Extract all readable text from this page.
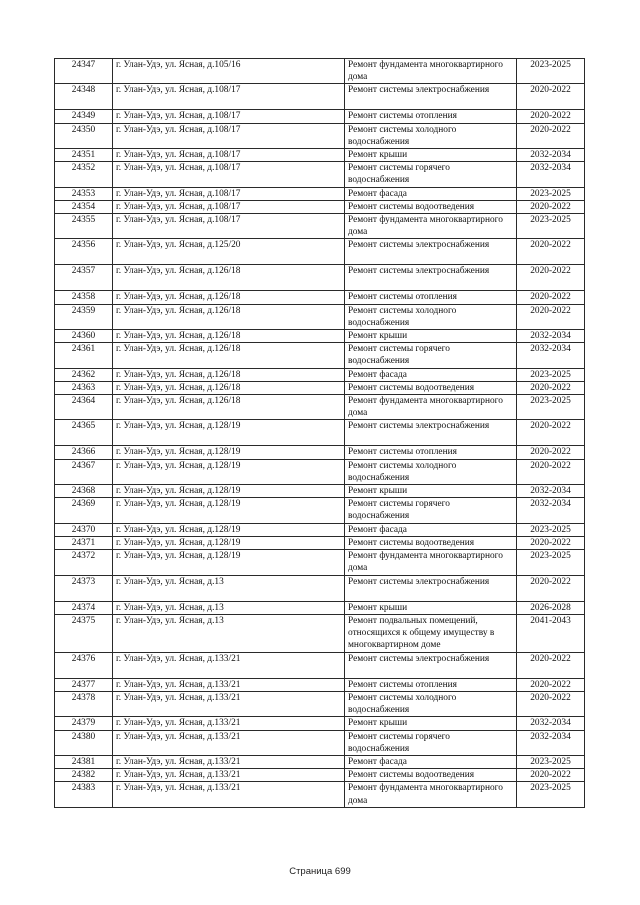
24347	г. Улан-Удэ, ул. Ясная, д.105/16	Ремонт фундамента многоквартирного дома	2023-2025
24348	г. Улан-Удэ, ул. Ясная, д.108/17	Ремонт системы электроснабжения	2020-2022
24349	г. Улан-Удэ, ул. Ясная, д.108/17	Ремонт системы отопления	2020-2022
24350	г. Улан-Удэ, ул. Ясная, д.108/17	Ремонт системы холодного водоснабжения	2020-2022
24351	г. Улан-Удэ, ул. Ясная, д.108/17	Ремонт крыши	2032-2034
24352	г. Улан-Удэ, ул. Ясная, д.108/17	Ремонт системы горячего водоснабжения	2032-2034
24353	г. Улан-Удэ, ул. Ясная, д.108/17	Ремонт фасада	2023-2025
24354	г. Улан-Удэ, ул. Ясная, д.108/17	Ремонт системы водоотведения	2020-2022
24355	г. Улан-Удэ, ул. Ясная, д.108/17	Ремонт фундамента многоквартирного дома	2023-2025
24356	г. Улан-Удэ, ул. Ясная, д.125/20	Ремонт системы электроснабжения	2020-2022
24357	г. Улан-Удэ, ул. Ясная, д.126/18	Ремонт системы электроснабжения	2020-2022
24358	г. Улан-Удэ, ул. Ясная, д.126/18	Ремонт системы отопления	2020-2022
24359	г. Улан-Удэ, ул. Ясная, д.126/18	Ремонт системы холодного водоснабжения	2020-2022
24360	г. Улан-Удэ, ул. Ясная, д.126/18	Ремонт крыши	2032-2034
24361	г. Улан-Удэ, ул. Ясная, д.126/18	Ремонт системы горячего водоснабжения	2032-2034
24362	г. Улан-Удэ, ул. Ясная, д.126/18	Ремонт фасада	2023-2025
24363	г. Улан-Удэ, ул. Ясная, д.126/18	Ремонт системы водоотведения	2020-2022
24364	г. Улан-Удэ, ул. Ясная, д.126/18	Ремонт фундамента многоквартирного дома	2023-2025
24365	г. Улан-Удэ, ул. Ясная, д.128/19	Ремонт системы электроснабжения	2020-2022
24366	г. Улан-Удэ, ул. Ясная, д.128/19	Ремонт системы отопления	2020-2022
24367	г. Улан-Удэ, ул. Ясная, д.128/19	Ремонт системы холодного водоснабжения	2020-2022
24368	г. Улан-Удэ, ул. Ясная, д.128/19	Ремонт крыши	2032-2034
24369	г. Улан-Удэ, ул. Ясная, д.128/19	Ремонт системы горячего водоснабжения	2032-2034
24370	г. Улан-Удэ, ул. Ясная, д.128/19	Ремонт фасада	2023-2025
24371	г. Улан-Удэ, ул. Ясная, д.128/19	Ремонт системы водоотведения	2020-2022
24372	г. Улан-Удэ, ул. Ясная, д.128/19	Ремонт фундамента многоквартирного дома	2023-2025
24373	г. Улан-Удэ, ул. Ясная, д.13	Ремонт системы электроснабжения	2020-2022
24374	г. Улан-Удэ, ул. Ясная, д.13	Ремонт крыши	2026-2028
24375	г. Улан-Удэ, ул. Ясная, д.13	Ремонт подвальных помещений, относящихся к общему имуществу в многоквартирном доме	2041-2043
24376	г. Улан-Удэ, ул. Ясная, д.133/21	Ремонт системы электроснабжения	2020-2022
24377	г. Улан-Удэ, ул. Ясная, д.133/21	Ремонт системы отопления	2020-2022
24378	г. Улан-Удэ, ул. Ясная, д.133/21	Ремонт системы холодного водоснабжения	2020-2022
24379	г. Улан-Удэ, ул. Ясная, д.133/21	Ремонт крыши	2032-2034
24380	г. Улан-Удэ, ул. Ясная, д.133/21	Ремонт системы горячего водоснабжения	2032-2034
24381	г. Улан-Удэ, ул. Ясная, д.133/21	Ремонт фасада	2023-2025
24382	г. Улан-Удэ, ул. Ясная, д.133/21	Ремонт системы водоотведения	2020-2022
24383	г. Улан-Удэ, ул. Ясная, д.133/21	Ремонт фундамента многоквартирного дома	2023-2025
Страница 699
